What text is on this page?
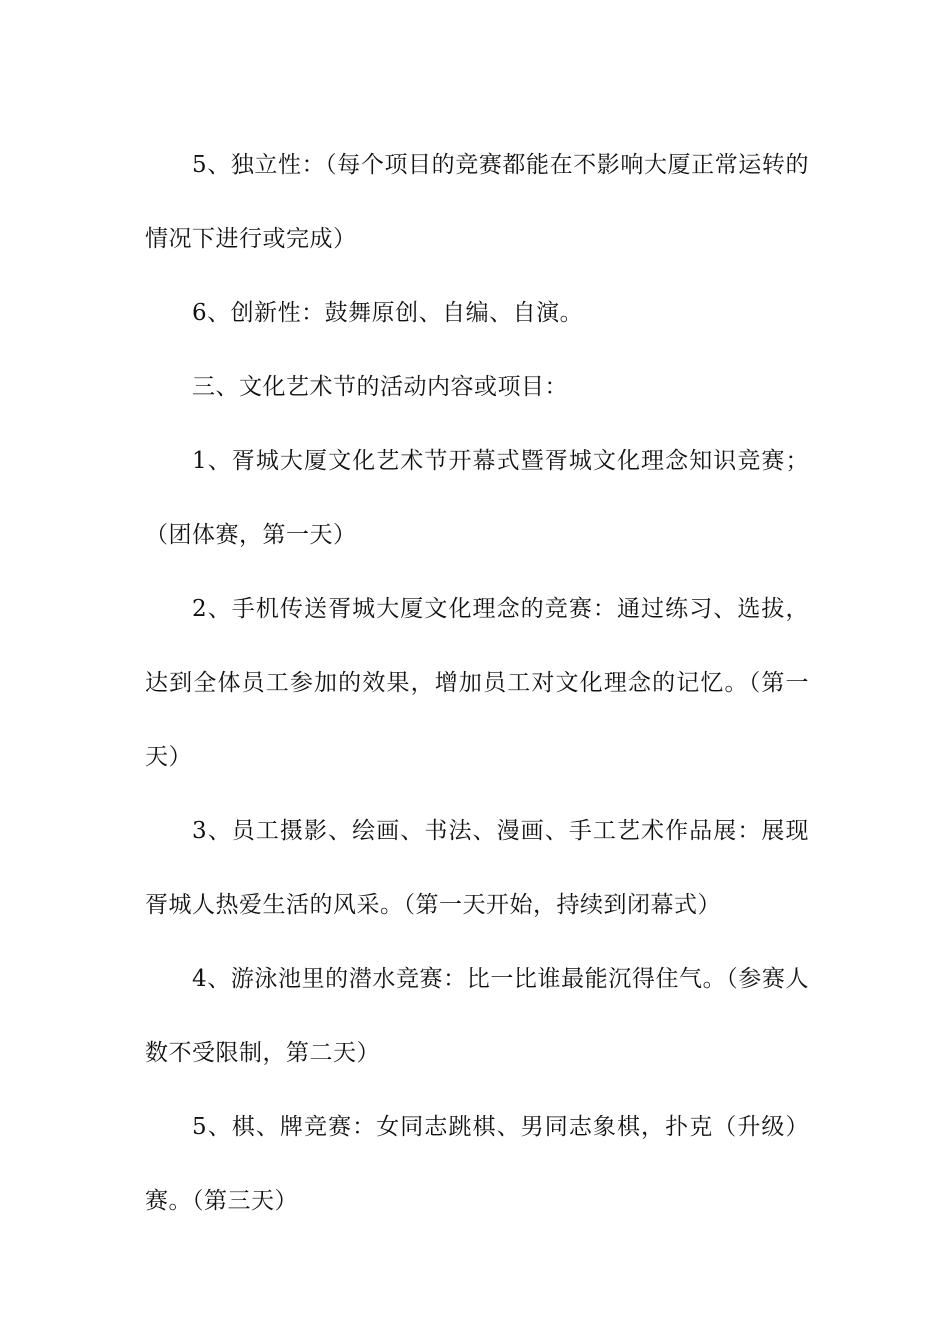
5、独立性：（每个项目的竞赛都能在不影响大厦正常运转的情况下进行或完成）

6、创新性：鼓舞原创、自编、自演。

三、文化艺术节的活动内容或项目：

1、胥城大厦文化艺术节开幕式暨胥城文化理念知识竞赛；（团体赛，第一天）

2、手机传送胥城大厦文化理念的竞赛：通过练习、选拔，达到全体员工参加的效果，增加员工对文化理念的记忆。（第一天）

3、员工摄影、绘画、书法、漫画、手工艺术作品展：展现胥城人热爱生活的风采。（第一天开始，持续到闭幕式）

4、游泳池里的潜水竞赛：比一比谁最能沉得住气。（参赛人数不受限制，第二天）

5、棋、牌竞赛：女同志跳棋、男同志象棋，扑克（升级）赛。（第三天）
